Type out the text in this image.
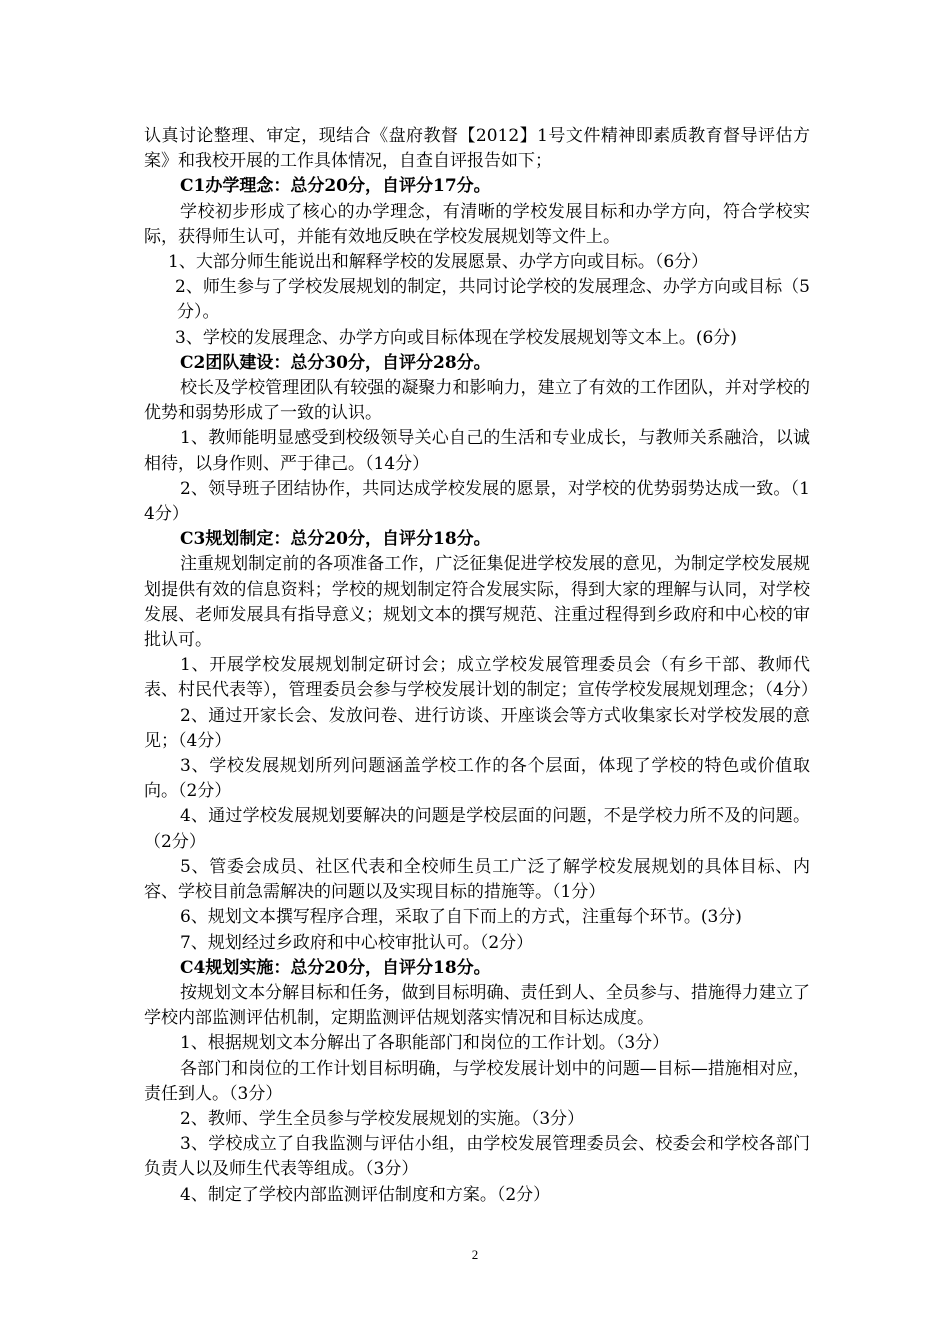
认真讨论整理、审定，现结合《盘府教督【2012】1号文件精神即素质教育督导评估方案》和我校开展的工作具体情况，自查自评报告如下；

C1办学理念：总分20分，自评分17分。

学校初步形成了核心的办学理念，有清晰的学校发展目标和办学方向，符合学校实际，获得师生认可，并能有效地反映在学校发展规划等文件上。

1、大部分师生能说出和解释学校的发展愿景、办学方向或目标。（6分）

2、师生参与了学校发展规划的制定，共同讨论学校的发展理念、办学方向或目标（5分）。

3、学校的发展理念、办学方向或目标体现在学校发展规划等文本上。(6分)

C2团队建设：总分30分，自评分28分。

校长及学校管理团队有较强的凝聚力和影响力，建立了有效的工作团队，并对学校的优势和弱势形成了一致的认识。

1、教师能明显感受到校级领导关心自己的生活和专业成长，与教师关系融洽，以诚相待，以身作则、严于律己。（14分）

2、领导班子团结协作，共同达成学校发展的愿景，对学校的优势弱势达成一致。（14分）

C3规划制定：总分20分，自评分18分。

注重规划制定前的各项准备工作，广泛征集促进学校发展的意见，为制定学校发展规划提供有效的信息资料；学校的规划制定符合发展实际，得到大家的理解与认同，对学校发展、老师发展具有指导意义；规划文本的撰写规范、注重过程得到乡政府和中心校的审批认可。

1、开展学校发展规划制定研讨会；成立学校发展管理委员会（有乡干部、教师代表、村民代表等），管理委员会参与学校发展计划的制定；宣传学校发展规划理念；（4分）

2、通过开家长会、发放问卷、进行访谈、开座谈会等方式收集家长对学校发展的意见；（4分）

3、学校发展规划所列问题涵盖学校工作的各个层面，体现了学校的特色或价值取向。（2分）

4、通过学校发展规划要解决的问题是学校层面的问题，不是学校力所不及的问题。（2分）

5、管委会成员、社区代表和全校师生员工广泛了解学校发展规划的具体目标、内容、学校目前急需解决的问题以及实现目标的措施等。（1分）

6、规划文本撰写程序合理，采取了自下而上的方式，注重每个环节。(3分)

7、规划经过乡政府和中心校审批认可。（2分）

C4规划实施：总分20分，自评分18分。

按规划文本分解目标和任务，做到目标明确、责任到人、全员参与、措施得力建立了学校内部监测评估机制，定期监测评估规划落实情况和目标达成度。

1、根据规划文本分解出了各职能部门和岗位的工作计划。（3分）

各部门和岗位的工作计划目标明确，与学校发展计划中的问题—目标—措施相对应，责任到人。（3分）

2、教师、学生全员参与学校发展规划的实施。（3分）

3、学校成立了自我监测与评估小组，由学校发展管理委员会、校委会和学校各部门负责人以及师生代表等组成。（3分）

4、制定了学校内部监测评估制度和方案。（2分）

2
